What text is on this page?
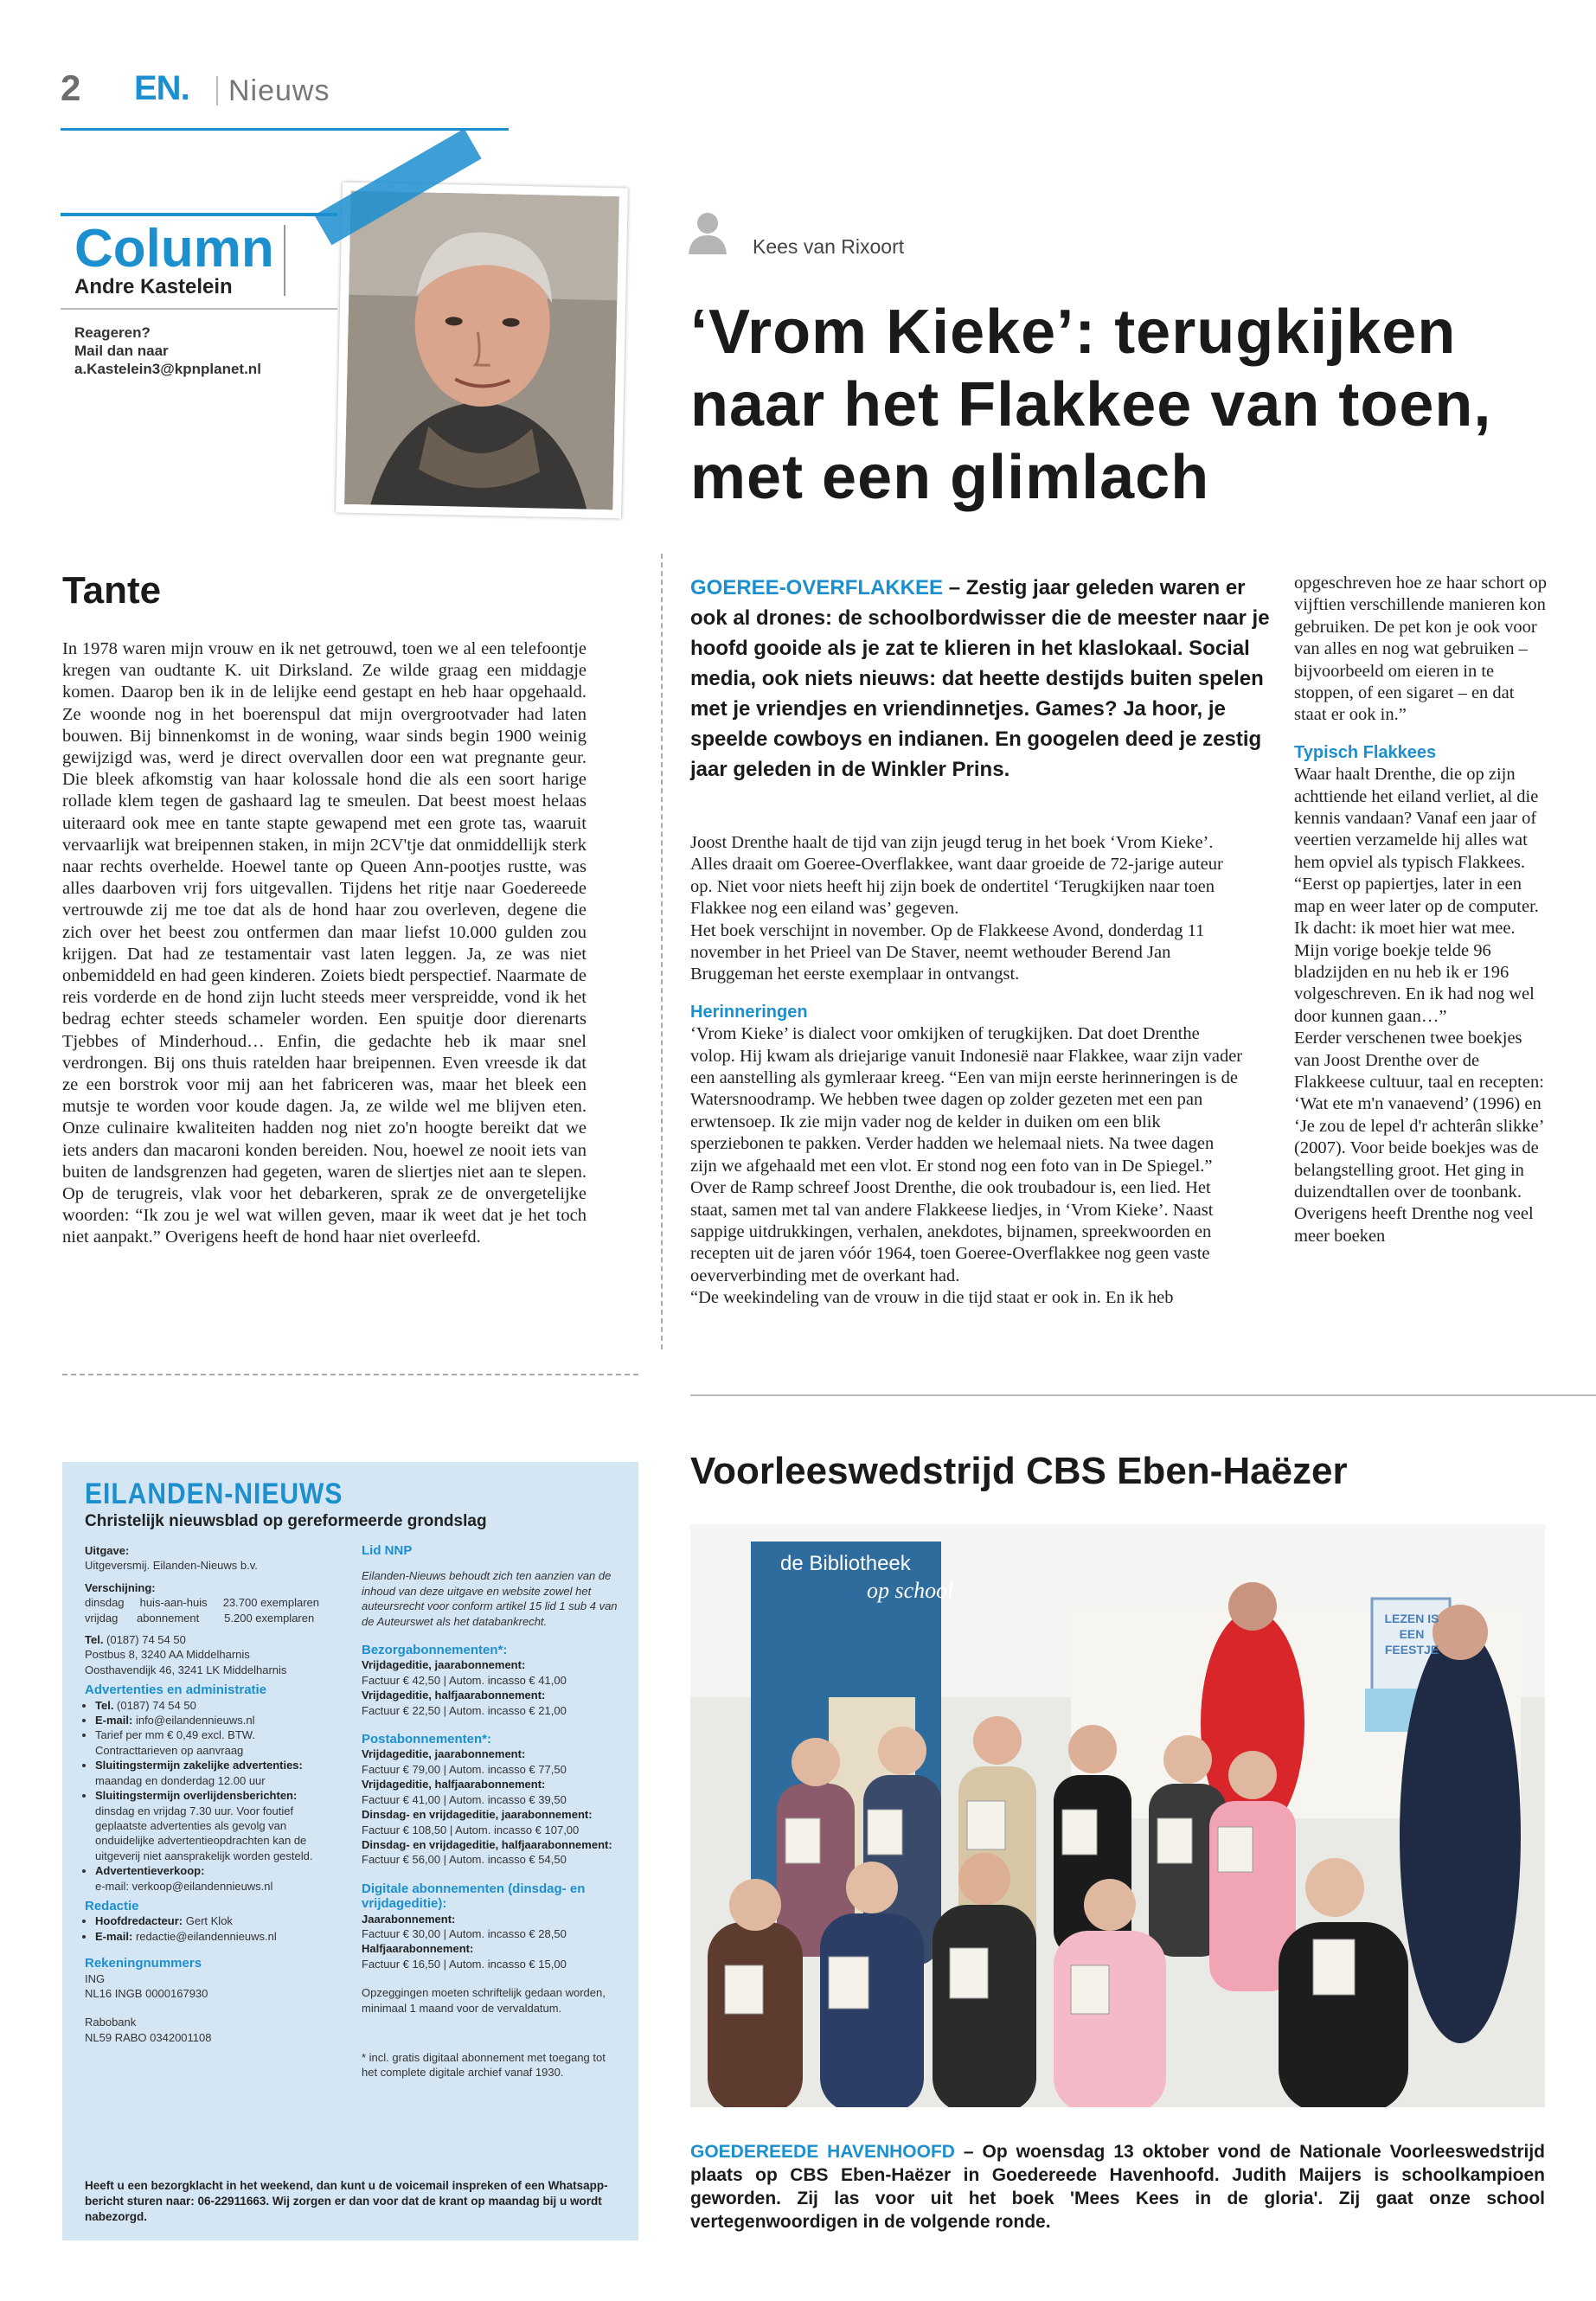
2 EN. Nieuws
Column
Andre Kastelein
Reageren?
Mail dan naar
a.Kastelein3@kpnplanet.nl
Tante

In 1978 waren mijn vrouw en ik net getrouwd, toen we al een telefoontje kregen van oudtante K. uit Dirksland. Ze wilde graag een middagje komen. Daarop ben ik in de lelijke eend gestapt en heb haar opgehaald. Ze woonde nog in het boerenspul dat mijn overgrootvader had laten bouwen. Bij binnenkomst in de woning, waar sinds begin 1900 weinig gewijzigd was, werd je direct overvallen door een wat pregnante geur. Die bleek afkomstig van haar kolossale hond die als een soort harige rollade klem tegen de gashaard lag te smeulen. Dat beest moest helaas uiteraard ook mee en tante stapte gewapend met een grote tas, waaruit vervaarlijk wat breipennen staken, in mijn 2CV'tje dat onmiddellijk sterk naar rechts overhelde. Hoewel tante op Queen Ann-pootjes rustte, was alles daarboven vrij fors uitgevallen. Tijdens het ritje naar Goedereede vertrouwde zij me toe dat als de hond haar zou overleven, degene die zich over het beest zou ontfermen dan maar liefst 10.000 gulden zou krijgen. Dat had ze testamentair vast laten leggen. Ja, ze was niet onbemiddeld en had geen kinderen. Zoiets biedt perspectief. Naarmate de reis vorderde en de hond zijn lucht steeds meer verspreidde, vond ik het bedrag echter steeds schameler worden. Een spuitje door dierenarts Tjebbes of Minderhoud… Enfin, die gedachte heb ik maar snel verdrongen. Bij ons thuis ratelden haar breipennen. Even vreesde ik dat ze een borstrok voor mij aan het fabriceren was, maar het bleek een mutsje te worden voor koude dagen. Ja, ze wilde wel me blijven eten. Onze culinaire kwaliteiten hadden nog niet zo'n hoogte bereikt dat we iets anders dan macaroni konden bereiden. Nou, hoewel ze nooit iets van buiten de landsgrenzen had gegeten, waren de sliertjes niet aan te slepen. Op de terugreis, vlak voor het debarkeren, sprak ze de onvergetelijke woorden: “Ik zou je wel wat willen geven, maar ik weet dat je het toch niet aanpakt.” Overigens heeft de hond haar niet overleefd.

Kees van Rixoort
‘Vrom Kieke’: terugkijken naar het Flakkee van toen, met een glimlach
GOEREE-OVERFLAKKEE – Zestig jaar geleden waren er ook al drones: de schoolbordwisser die de meester naar je hoofd gooide als je zat te klieren in het klaslokaal. Social media, ook niets nieuws: dat heette destijds buiten spelen met je vriendjes en vriendinnetjes. Games? Ja hoor, je speelde cowboys en indianen. En googelen deed je zestig jaar geleden in de Winkler Prins.

Joost Drenthe haalt de tijd van zijn jeugd terug in het boek ‘Vrom Kieke’. Alles draait om Goeree-Overflakkee, want daar groeide de 72-jarige auteur op. Niet voor niets heeft hij zijn boek de ondertitel ‘Terugkijken naar toen Flakkee nog een eiland was’ gegeven.

Het boek verschijnt in november. Op de Flakkeese Avond, donderdag 11 november in het Prieel van De Staver, neemt wethouder Berend Jan Bruggeman het eerste exemplaar in ontvangst.

Herinneringen

‘Vrom Kieke’ is dialect voor omkijken of terugkijken. Dat doet Drenthe volop. Hij kwam als driejarige vanuit Indonesië naar Flakkee, waar zijn vader een aanstelling als gymleraar kreeg. “Een van mijn eerste herinneringen is de Watersnoodramp. We hebben twee dagen op zolder gezeten met een pan erwtensoep. Ik zie mijn vader nog de kelder in duiken om een blik sperziebonen te pakken. Verder hadden we helemaal niets. Na twee dagen zijn we afgehaald met een vlot. Er stond nog een foto van in De Spiegel.”

Over de Ramp schreef Joost Drenthe, die ook troubadour is, een lied. Het staat, samen met tal van andere Flakkeese liedjes, in ‘Vrom Kieke’. Naast sappige uitdrukkingen, verhalen, anekdotes, bijnamen, spreekwoorden en recepten uit de jaren vóór 1964, toen Goeree-Overflakkee nog geen vaste oeververbinding met de overkant had.

“De weekindeling van de vrouw in die tijd staat er ook in. En ik heb

opgeschreven hoe ze haar schort op vijftien verschillende manieren kon gebruiken. De pet kon je ook voor van alles en nog wat gebruiken – bijvoorbeeld om eieren in te stoppen, of een sigaret – en dat staat er ook in.”

Typisch Flakkees

Waar haalt Drenthe, die op zijn achttiende het eiland verliet, al die kennis vandaan? Vanaf een jaar of veertien verzamelde hij alles wat hem opviel als typisch Flakkees. “Eerst op papiertjes, later in een map en weer later op de computer. Ik dacht: ik moet hier wat mee. Mijn vorige boekje telde 96 bladzijden en nu heb ik er 196 volgeschreven. En ik had nog wel door kunnen gaan…”

Eerder verschenen twee boekjes van Joost Drenthe over de Flakkeese cultuur, taal en recepten: ‘Wat ete m'n vanaevend’ (1996) en ‘Je zou de lepel d'r achterân slikke’ (2007). Voor beide boekjes was de belangstelling groot. Het ging in duizendtallen over de toonbank. Overigens heeft Drenthe nog veel meer boeken

EILANDEN-NIEUWS
Christelijk nieuwsblad op gereformeerde grondslag

Uitgave:

Uitgeversmij. Eilanden-Nieuws b.v.

Verschijning:

dinsdag     huis-aan-huis     23.700 exemplaren

vrijdag      abonnement        5.200 exemplaren

Tel. (0187) 74 54 50

Postbus 8, 3240 AA Middelharnis

Oosthavendijk 46, 3241 LK Middelharnis

Advertenties en administratie

• Tel. (0187) 74 54 50
• E-mail: info@eilandennieuws.nl
• Tarief per mm € 0,49 excl. BTW.
Contracttarieven op aanvraag
• Sluitingstermijn zakelijke advertenties:
maandag en donderdag 12.00 uur
• Sluitingstermijn overlijdensberichten:
dinsdag en vrijdag 7.30 uur. Voor foutief geplaatste advertenties als gevolg van onduidelijke advertentieopdrachten kan de uitgeverij niet aansprakelijk worden gesteld.
• Advertentieverkoop:
e-mail: verkoop@eilandennieuws.nl

Redactie

• Hoofdredacteur: Gert Klok
• E-mail: redactie@eilandennieuws.nl

Rekeningnummers

ING

NL16 INGB 0000167930

Rabobank

NL59 RABO 0342001108

Lid NNP

Eilanden-Nieuws behoudt zich ten aanzien van de inhoud van deze uitgave en website zowel het auteursrecht voor conform artikel 15 lid 1 sub 4 van de Auteurswet als het databankrecht.

Bezorgabonnementen*:

Vrijdageditie, jaarabonnement:

Factuur € 42,50 | Autom. incasso € 41,00

Vrijdageditie, halfjaarabonnement:

Factuur € 22,50 | Autom. incasso € 21,00

Postabonnementen*:

Vrijdageditie, jaarabonnement:

Factuur € 79,00 | Autom. incasso € 77,50

Vrijdageditie, halfjaarabonnement:

Factuur € 41,00 | Autom. incasso € 39,50

Dinsdag- en vrijdageditie, jaarabonnement:

Factuur € 108,50 | Autom. incasso € 107,00

Dinsdag- en vrijdageditie, halfjaarabonnement:

Factuur € 56,00 | Autom. incasso € 54,50

Digitale abonnementen (dinsdag- en vrijdageditie):

Jaarabonnement:

Factuur € 30,00 | Autom. incasso € 28,50

Halfjaarabonnement:

Factuur € 16,50 | Autom. incasso € 15,00

Opzeggingen moeten schriftelijk gedaan worden, minimaal 1 maand voor de vervaldatum.

* incl. gratis digitaal abonnement met toegang tot het complete digitale archief vanaf 1930.

Heeft u een bezorgklacht in het weekend, dan kunt u de voicemail inspreken of een Whatsapp-bericht sturen naar: 06-22911663. Wij zorgen er dan voor dat de krant op maandag bij u wordt nabezorgd.
Voorleeswedstrijd CBS Eben-Haëzer
de Bibliotheek
op school
LEZEN IS EEN FEESTJE
GOEDEREEDE HAVENHOOFD – Op woensdag 13 oktober vond de Nationale Voorleeswedstrijd plaats op CBS Eben-Haëzer in Goedereede Havenhoofd. Judith Maijers is schoolkampioen geworden. Zij las voor uit het boek 'Mees Kees in de gloria'. Zij gaat onze school vertegenwoordigen in de volgende ronde.
